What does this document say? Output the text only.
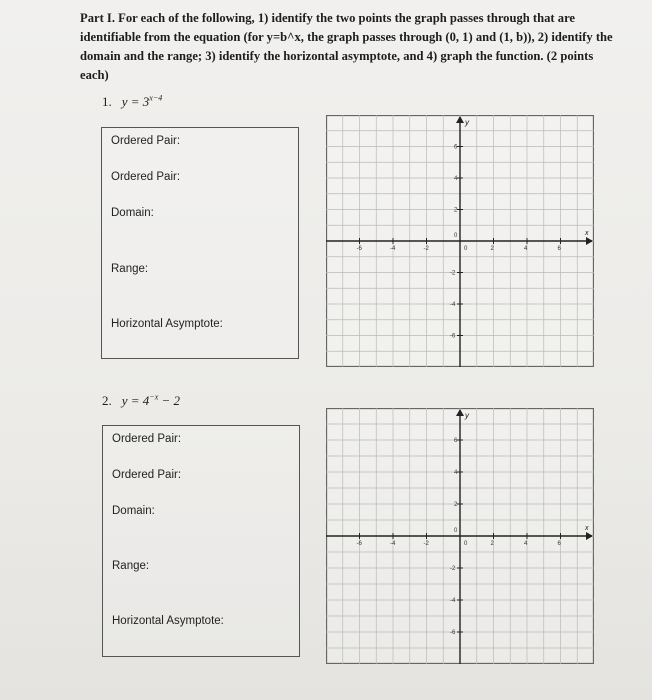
Part I. For each of the following, 1) identify the two points the graph passes through that are identifiable from the equation (for y=b^x, the graph passes through (0, 1) and (1, b)), 2) identify the domain and the range; 3) identify the horizontal asymptote, and 4) graph the function. (2 points each)
1. $y = 3^{x-4}$
Ordered Pair:
Ordered Pair:
Domain:
Range:
Horizontal Asymptote:
y
x
-6	-4	-2	0	2	4	6
6
4
2
0
-2
-4
-6
2. $y = 4^{-x} - 2$
Ordered Pair:
Ordered Pair:
Domain:
Range:
Horizontal Asymptote:
y
x
-6	-4	-2	0	2	4	6
6
4
2
0
-2
-4
-6
